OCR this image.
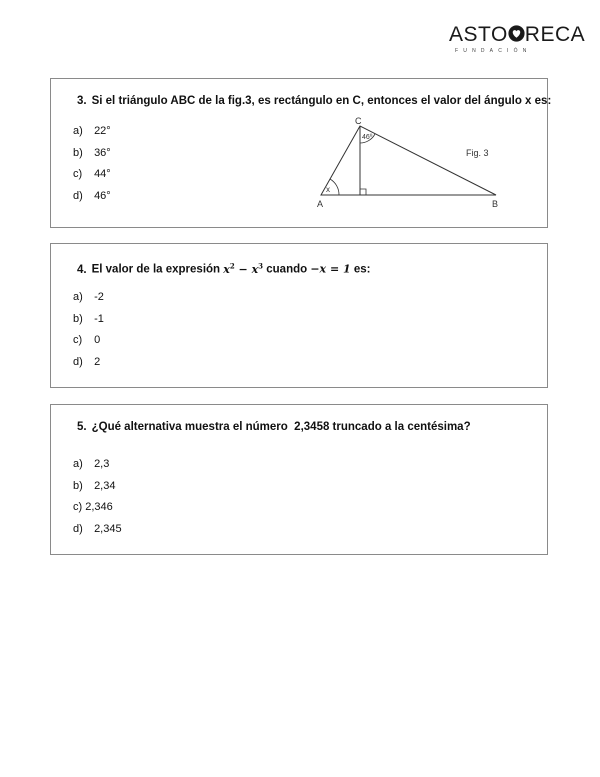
ASTO RECA
FUNDACIÓN
3. Si el triángulo ABC de la fig.3, es rectángulo en C, entonces el valor del ángulo x es:
a) 22°
b) 36°
c) 44°
d) 46°
C
46º
x
A	B
Fig. 3
4. El valor de la expresión $x^2 - x^3$ cuando −x = 1 es:
a) -2
b) -1
c) 0
d) 2
5. ¿Qué alternativa muestra el número  2,3458 truncado a la centésima?
a) 2,3
b) 2,34
c) 2,346
d) 2,345
